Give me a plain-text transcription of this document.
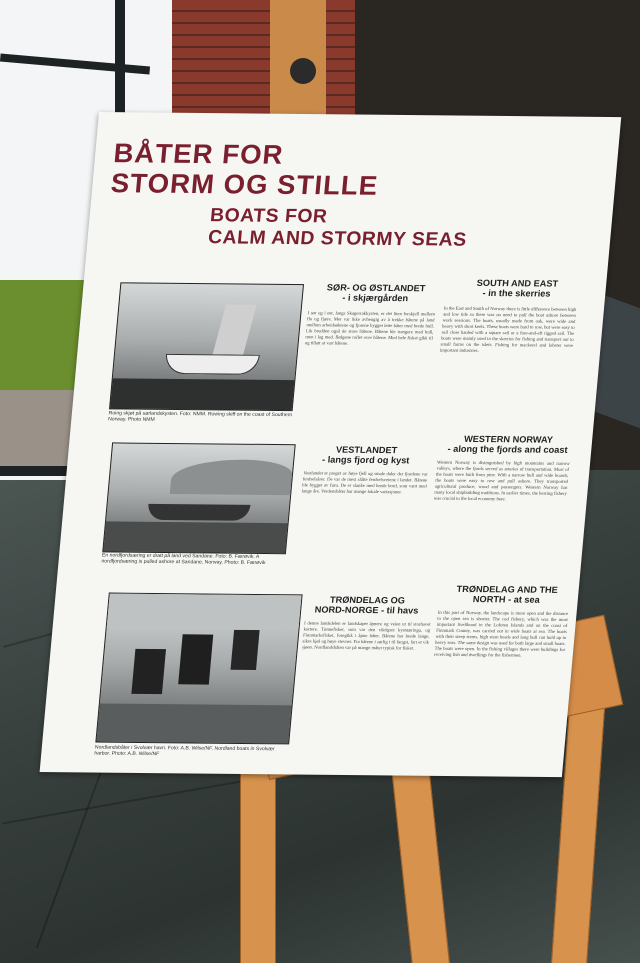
BÅTER FOR
STORM OG STILLE
BOATS FOR
CALM AND STORMY SEAS
Roing skjøt på sørlandskysten. Foto: NMM. Rowing skiff on the coast of Southern Norway. Photo NMM
SØR- OG ØSTLANDET
- i skjærgården
SOUTH AND EAST
- in the skerries
I sør og i øst, langs Skagerrakkysten, er det liten forskjell mellom flo og fjære. Mer var ikke avhengig av å trekke båtene på land mellom arbeidsøktene og fjorene bygget lette båter med brede hull. Lik bredden også de store båtene. Båtene ble trangere med hull, men i lag med. Bølgene rollet over båtene. Med hele fisket gikk til og tillatt at vart båtene.
In the East and South of Norway there is little difference between high and low tide so there was no need to pull the boat ashore between work sessions. The boats, usually made from oak, were wide and heavy with short keels. These boats were hard to row, but were easy to sail close hauled with a square sail or a fore-and-aft rigged sail. The boats were mainly used in the skerries for fishing and transport out to small farms on the islets. Fishing for mackerel and lobster were important industries.
En nordfjordsæring er dratt på land ved Sandane. Foto: B. Færøvik. A nordfjordsæring is pulled ashore at Sandane, Norway. Photo: B. Færøvik
VESTLANDET
- langs fjord og kyst
WESTERN NORWAY
- along the fjords and coast
Vestlandet er preget av høye fjell og smale daler der fjordene var ferdselsårer. De var de mest slåtte ferdselsveiene i landet. Båtene ble bygget av furu. De er slanke med brede bord, som vant med lange åre. Verdensbåter har mange lokale variasjoner.
Western Norway is distinguished by high mountains and narrow valleys, where the fjords served as arteries of transportation. Most of the boats were built from pine. With a narrow hull and wide boards, the boats were easy to row and pull ashore. They transported agricultural produce, wood and passengers. Western Norway has many local shipbuilding traditions. In earlier times, the herring fishery was crucial to the local economy here.
Nordlandsbåter i Svolvær havn. Foto: A.B. Wilse/NF. Nordland boats in Svolvær harbor. Photo: A.B. Wilse/NF
TRØNDELAG OG
NORD-NORGE - til havs
TRØNDELAG AND THE
NORTH - at sea
I denne landsdelen er landskapet åpnere og veien ut til storhavet kortere. Tønnefisket, som var den viktigste kystnæringa, og Finnmarksfisket, foregikk i åpne båter. Båtene har brede lange, sikre kjøl og høye stevner. Fra båtene i sørlig i til fangst, fart et vik sjøen. Nordlandsbåten var på mange måter typisk for fisket.
In this part of Norway, the landscape is more open and the distance to the open sea is shorter. The cod fishery, which was the most important livelihood in the Lofoten Islands and on the coast of Finnmark County, was carried out in wide boats at sea. The boats with their steep stems, high stern heads and long hull can hold up to heavy seas. The same design was used for both large and small boats. The boats were open. In the fishing villages there were buildings for receiving fish and dwellings for the fishermen.
